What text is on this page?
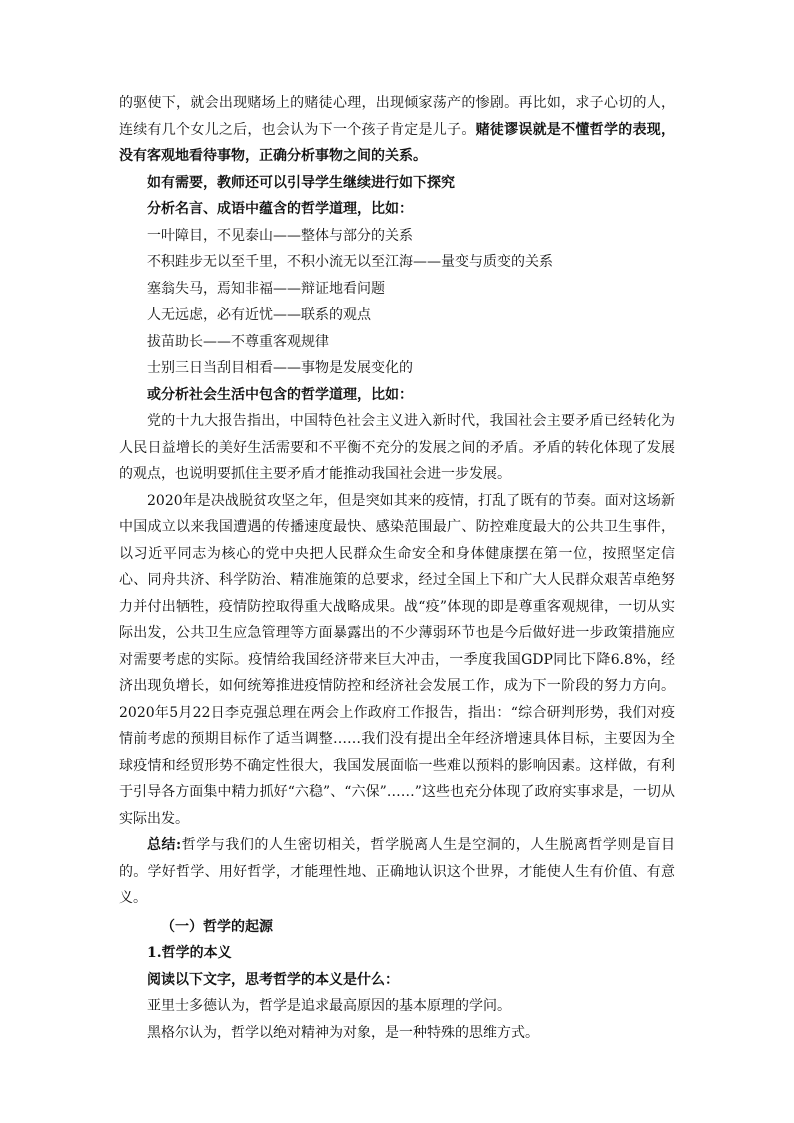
的驱使下，就会出现赌场上的赌徒心理，出现倾家荡产的惨剧。再比如，求子心切的人，连续有几个女儿之后，也会认为下一个孩子肯定是儿子。赌徒谬误就是不懂哲学的表现，没有客观地看待事物，正确分析事物之间的关系。

如有需要，教师还可以引导学生继续进行如下探究

分析名言、成语中蕴含的哲学道理，比如：

一叶障目，不见泰山——整体与部分的关系

不积跬步无以至千里，不积小流无以至江海——量变与质变的关系

塞翁失马，焉知非福——辩证地看问题

人无远虑，必有近忧——联系的观点

拔苗助长——不尊重客观规律

士别三日当刮目相看——事物是发展变化的

或分析社会生活中包含的哲学道理，比如：

党的十九大报告指出，中国特色社会主义进入新时代，我国社会主要矛盾已经转化为人民日益增长的美好生活需要和不平衡不充分的发展之间的矛盾。矛盾的转化体现了发展的观点，也说明要抓住主要矛盾才能推动我国社会进一步发展。

2020年是决战脱贫攻坚之年，但是突如其来的疫情，打乱了既有的节奏。面对这场新中国成立以来我国遭遇的传播速度最快、感染范围最广、防控难度最大的公共卫生事件，以习近平同志为核心的党中央把人民群众生命安全和身体健康摆在第一位，按照坚定信心、同舟共济、科学防治、精准施策的总要求，经过全国上下和广大人民群众艰苦卓绝努力并付出牺牲，疫情防控取得重大战略成果。战“疫”体现的即是尊重客观规律，一切从实际出发，公共卫生应急管理等方面暴露出的不少薄弱环节也是今后做好进一步政策措施应对需要考虑的实际。疫情给我国经济带来巨大冲击，一季度我国GDP同比下降6.8%，经济出现负增长，如何统筹推进疫情防控和经济社会发展工作，成为下一阶段的努力方向。2020年5月22日李克强总理在两会上作政府工作报告，指出：“综合研判形势，我们对疫情前考虑的预期目标作了适当调整……我们没有提出全年经济增速具体目标，主要因为全球疫情和经贸形势不确定性很大，我国发展面临一些难以预料的影响因素。这样做，有利于引导各方面集中精力抓好“六稳”、“六保”……”这些也充分体现了政府实事求是，一切从实际出发。

总结:哲学与我们的人生密切相关，哲学脱离人生是空洞的，人生脱离哲学则是盲目的。学好哲学、用好哲学，才能理性地、正确地认识这个世界，才能使人生有价值、有意义。

（一）哲学的起源

1.哲学的本义

阅读以下文字，思考哲学的本义是什么：

亚里士多德认为，哲学是追求最高原因的基本原理的学问。

黑格尔认为，哲学以绝对精神为对象，是一种特殊的思维方式。
